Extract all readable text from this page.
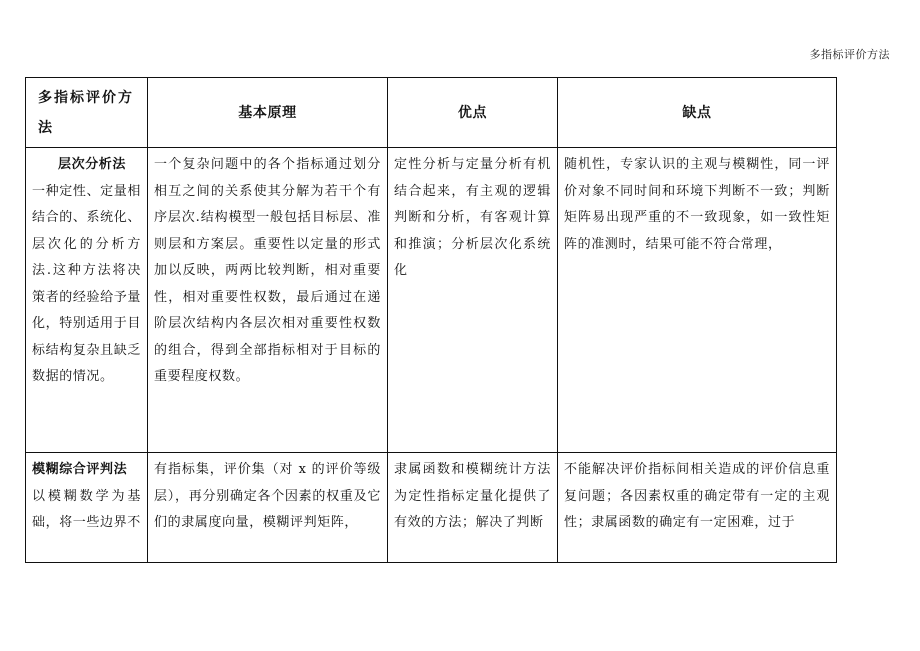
多指标评价方法
多指标评价方法	基本原理	优点	缺点

层次分析法
一种定性、定量相结合的、系统化、层次化的分析方法.这种方法将决策者的经验给予量化，特别适用于目标结构复杂且缺乏数据的情况。	一个复杂问题中的各个指标通过划分相互之间的关系使其分解为若干个有序层次.结构模型一般包括目标层、准则层和方案层。重要性以定量的形式加以反映，两两比较判断，相对重要性，相对重要性权数，最后通过在递阶层次结构内各层次相对重要性权数的组合，得到全部指标相对于目标的重要程度权数。	定性分析与定量分析有机结合起来，有主观的逻辑判断和分析，有客观计算和推演；分析层次化系统化	随机性，专家认识的主观与模糊性，同一评价对象不同时间和环境下判断不一致；判断矩阵易出现严重的不一致现象，如一致性矩阵的准测时，结果可能不符合常理，

模糊综合评判法
以模糊数学为基础，将一些边界不	有指标集，评价集（对 x 的评价等级层），再分别确定各个因素的权重及它们的隶属度向量，模糊评判矩阵，	隶属函数和模糊统计方法为定性指标定量化提供了有效的方法；解决了判断	不能解决评价指标间相关造成的评价信息重复问题；各因素权重的确定带有一定的主观性；隶属函数的确定有一定困难，过于
